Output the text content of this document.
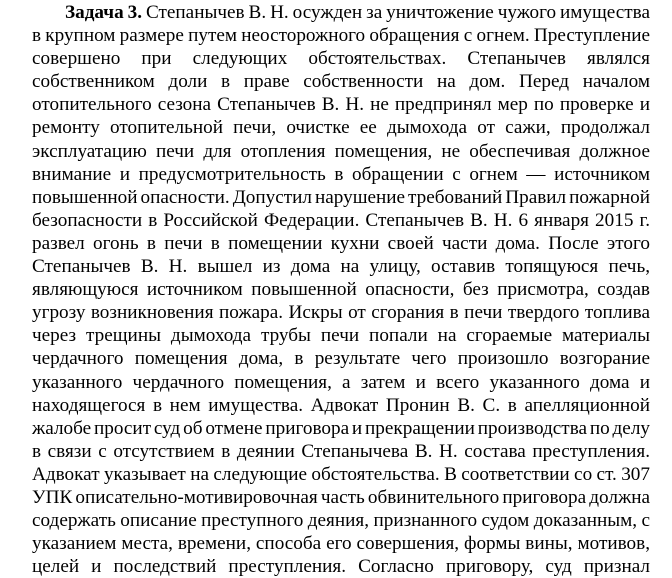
Задача 3. Степанычев В. Н. осужден за уничтожение чужого имущества
в крупном размере путем неосторожного обращения с огнем. Преступление
совершено при следующих обстоятельствах. Степанычев являлся
собственником доли в праве собственности на дом. Перед началом
отопительного сезона Степанычев В. Н. не предпринял мер по проверке и
ремонту отопительной печи, очистке ее дымохода от сажи, продолжал
эксплуатацию печи для отопления помещения, не обеспечивая должное
внимание и предусмотрительность в обращении с огнем — источником
повышенной опасности. Допустил нарушение требований Правил пожарной
безопасности в Российской Федерации. Степанычев В. Н. 6 января 2015 г.
развел огонь в печи в помещении кухни своей части дома. После этого
Степанычев В. Н. вышел из дома на улицу, оставив топящуюся печь,
являющуюся источником повышенной опасности, без присмотра, создав
угрозу возникновения пожара. Искры от сгорания в печи твердого топлива
через трещины дымохода трубы печи попали на сгораемые материалы
чердачного помещения дома, в результате чего произошло возгорание
указанного чердачного помещения, а затем и всего указанного дома и
находящегося в нем имущества. Адвокат Пронин В. С. в апелляционной
жалобе просит суд об отмене приговора и прекращении производства по делу
в связи с отсутствием в деянии Степанычева В. Н. состава преступления.
Адвокат указывает на следующие обстоятельства. В соответствии со ст. 307
УПК описательно-мотивировочная часть обвинительного приговора должна
содержать описание преступного деяния, признанного судом доказанным, с
указанием места, времени, способа его совершения, формы вины, мотивов,
целей и последствий преступления. Согласно приговору, суд признал
